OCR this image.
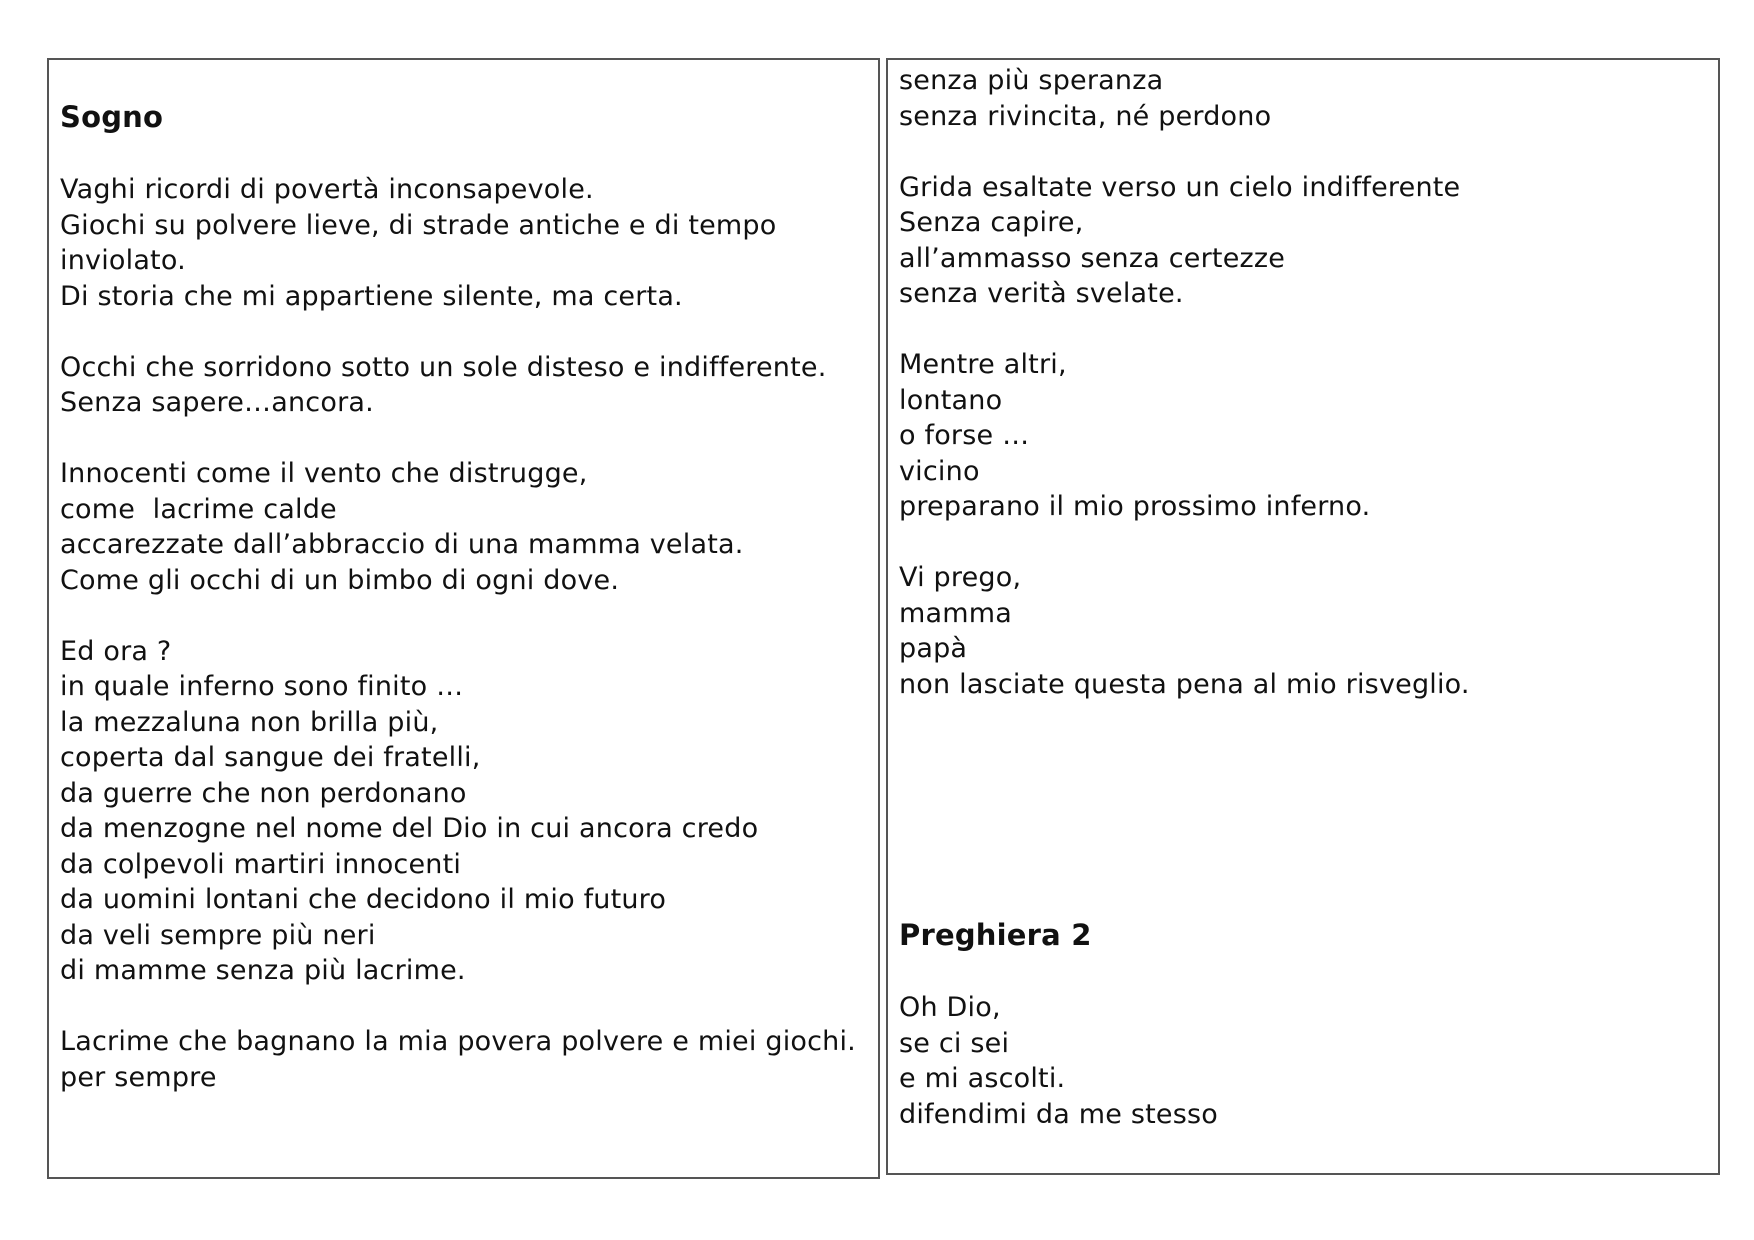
Sogno
Vaghi ricordi di povertà inconsapevole.
Giochi su polvere lieve, di strade antiche e di tempo inviolato.
Di storia che mi appartiene silente, ma certa.
Occhi che sorridono sotto un sole disteso e indifferente.
Senza sapere…ancora.
Innocenti come il vento che distrugge,
come  lacrime calde
accarezzate dall’abbraccio di una mamma velata.
Come gli occhi di un bimbo di ogni dove.
Ed ora ?
in quale inferno sono finito …
la mezzaluna non brilla più,
coperta dal sangue dei fratelli,
da guerre che non perdonano
da menzogne nel nome del Dio in cui ancora credo
da colpevoli martiri innocenti
da uomini lontani che decidono il mio futuro
da veli sempre più neri
di mamme senza più lacrime.
Lacrime che bagnano la mia povera polvere e miei giochi.
per sempre
senza più speranza
senza rivincita, né perdono
Grida esaltate verso un cielo indifferente
Senza capire,
all’ammasso senza certezze
senza verità svelate.
Mentre altri,
lontano
o forse …
vicino
preparano il mio prossimo inferno.
Vi prego,
mamma
papà
non lasciate questa pena al mio risveglio.
Preghiera 2
Oh Dio,
se ci sei
e mi ascolti.
difendimi da me stesso
